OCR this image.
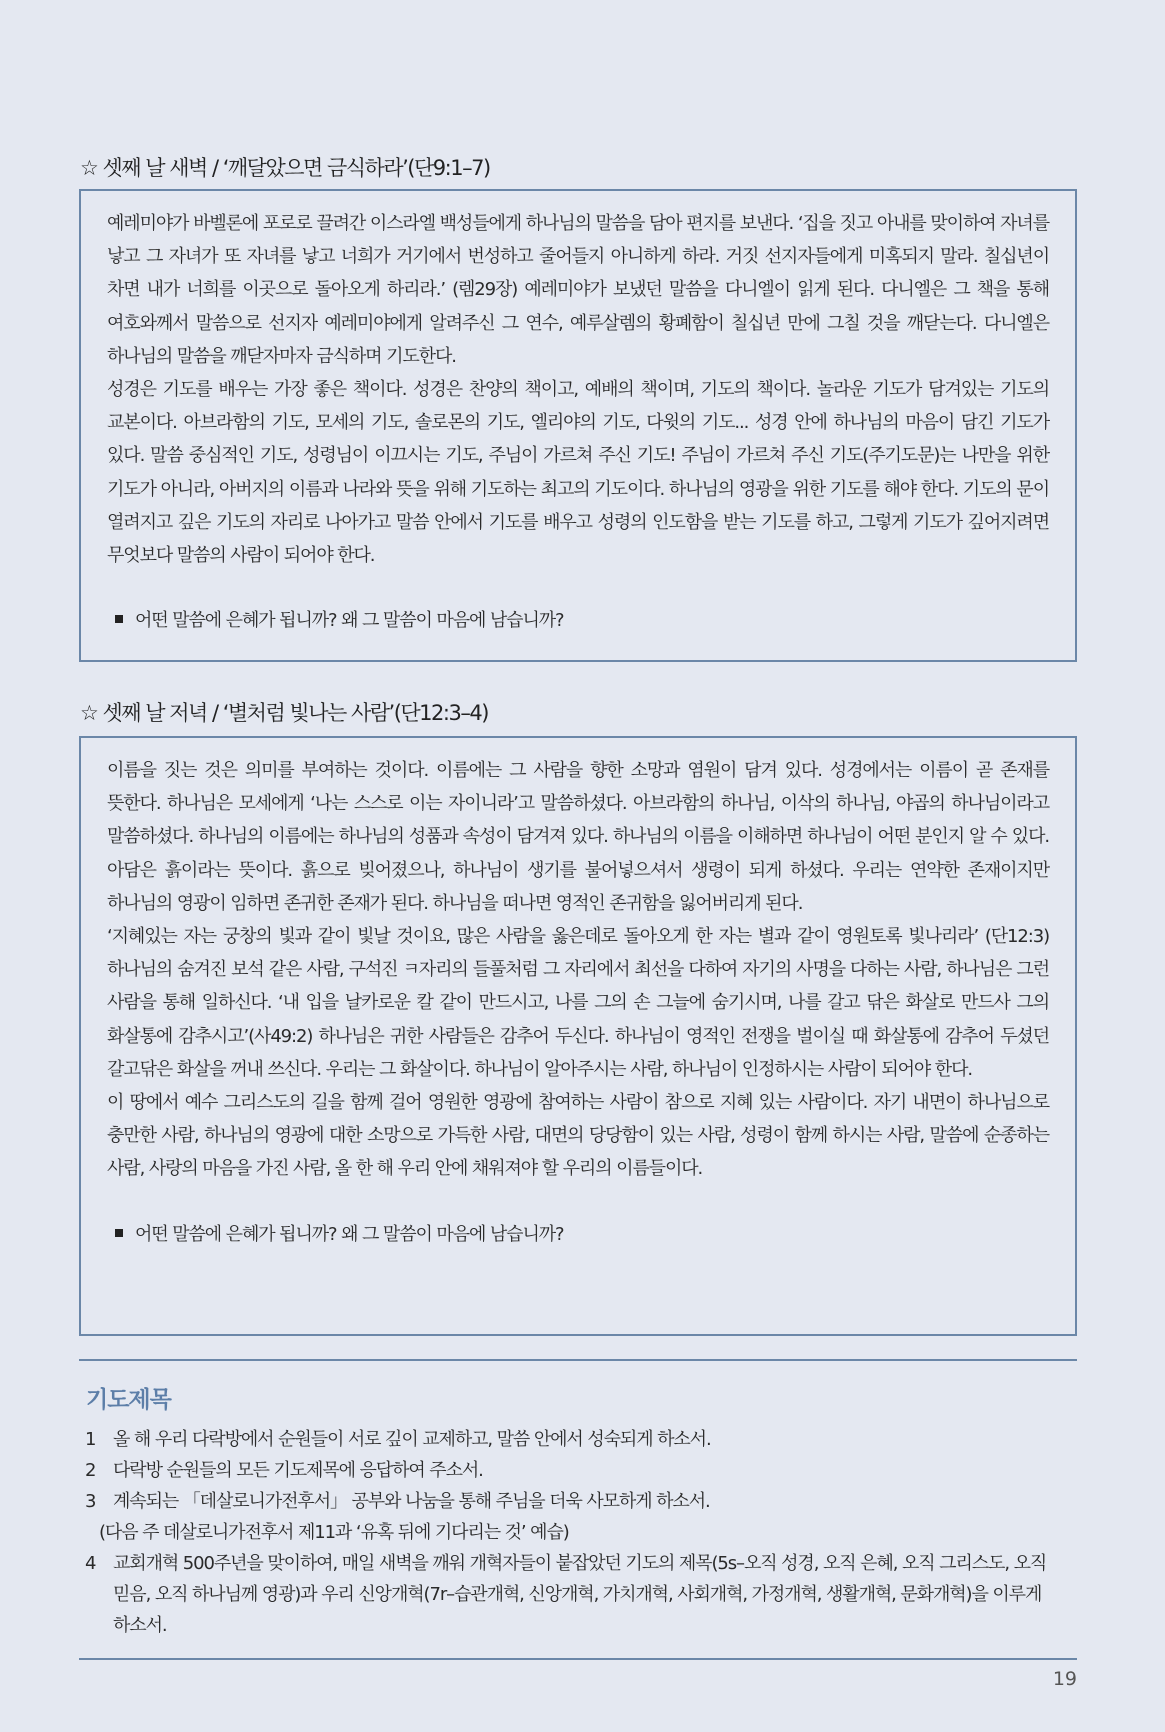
☆ 셋째 날 새벽 / ‘깨달았으면 금식하라’(단9:1–7)

예레미야가 바벨론에 포로로 끌려간 이스라엘 백성들에게 하나님의 말씀을 담아 편지를 보낸다. ‘집을 짓고 아내를 맞이하여 자녀를 낳고 그 자녀가 또 자녀를 낳고 너희가 거기에서 번성하고 줄어들지 아니하게 하라. 거짓 선지자들에게 미혹되지 말라. 칠십년이 차면 내가 너희를 이곳으로 돌아오게 하리라.’ (렘29장) 예레미야가 보냈던 말씀을 다니엘이 읽게 된다. 다니엘은 그 책을 통해 여호와께서 말씀으로 선지자 예레미야에게 알려주신 그 연수, 예루살렘의 황폐함이 칠십년 만에 그칠 것을 깨닫는다. 다니엘은 하나님의 말씀을 깨닫자마자 금식하며 기도한다.

성경은 기도를 배우는 가장 좋은 책이다. 성경은 찬양의 책이고, 예배의 책이며, 기도의 책이다. 놀라운 기도가 담겨있는 기도의 교본이다. 아브라함의 기도, 모세의 기도, 솔로몬의 기도, 엘리야의 기도, 다윗의 기도... 성경 안에 하나님의 마음이 담긴 기도가 있다. 말씀 중심적인 기도, 성령님이 이끄시는 기도, 주님이 가르쳐 주신 기도! 주님이 가르쳐 주신 기도(주기도문)는 나만을 위한 기도가 아니라, 아버지의 이름과 나라와 뜻을 위해 기도하는 최고의 기도이다. 하나님의 영광을 위한 기도를 해야 한다. 기도의 문이 열려지고 깊은 기도의 자리로 나아가고 말씀 안에서 기도를 배우고 성령의 인도함을 받는 기도를 하고, 그렇게 기도가 깊어지려면 무엇보다 말씀의 사람이 되어야 한다.

어떤 말씀에 은혜가 됩니까? 왜 그 말씀이 마음에 남습니까?
☆ 셋째 날 저녁 / ‘별처럼 빛나는 사람’(단12:3–4)

이름을 짓는 것은 의미를 부여하는 것이다. 이름에는 그 사람을 향한 소망과 염원이 담겨 있다. 성경에서는 이름이 곧 존재를 뜻한다. 하나님은 모세에게 ‘나는 스스로 이는 자이니라’고 말씀하셨다. 아브라함의 하나님, 이삭의 하나님, 야곱의 하나님이라고 말씀하셨다. 하나님의 이름에는 하나님의 성품과 속성이 담겨져 있다. 하나님의 이름을 이해하면 하나님이 어떤 분인지 알 수 있다. 아담은 흙이라는 뜻이다. 흙으로 빚어졌으나, 하나님이 생기를 불어넣으셔서 생령이 되게 하셨다. 우리는 연약한 존재이지만 하나님의 영광이 임하면 존귀한 존재가 된다. 하나님을 떠나면 영적인 존귀함을 잃어버리게 된다.

‘지혜있는 자는 궁창의 빛과 같이 빛날 것이요, 많은 사람을 옳은데로 돌아오게 한 자는 별과 같이 영원토록 빛나리라’ (단12:3) 하나님의 숨겨진 보석 같은 사람, 구석진 ㅋ자리의 들풀처럼 그 자리에서 최선을 다하여 자기의 사명을 다하는 사람, 하나님은 그런 사람을 통해 일하신다. ‘내 입을 날카로운 칼 같이 만드시고, 나를 그의 손 그늘에 숨기시며, 나를 갈고 닦은 화살로 만드사 그의 화살통에 감추시고’(사49:2) 하나님은 귀한 사람들은 감추어 두신다. 하나님이 영적인 전쟁을 벌이실 때 화살통에 감추어 두셨던 갈고닦은 화살을 꺼내 쓰신다. 우리는 그 화살이다. 하나님이 알아주시는 사람, 하나님이 인정하시는 사람이 되어야 한다.

이 땅에서 예수 그리스도의 길을 함께 걸어 영원한 영광에 참여하는 사람이 참으로 지혜 있는 사람이다. 자기 내면이 하나님으로 충만한 사람, 하나님의 영광에 대한 소망으로 가득한 사람, 대면의 당당함이 있는 사람, 성령이 함께 하시는 사람, 말씀에 순종하는 사람, 사랑의 마음을 가진 사람, 올 한 해 우리 안에 채워져야 할 우리의 이름들이다.

어떤 말씀에 은혜가 됩니까? 왜 그 말씀이 마음에 남습니까?
기도제목
1 올 해 우리 다락방에서 순원들이 서로 깊이 교제하고, 말씀 안에서 성숙되게 하소서.
2 다락방 순원들의 모든 기도제목에 응답하여 주소서.
3 계속되는 「데살로니가전후서」 공부와 나눔을 통해 주님을 더욱 사모하게 하소서.
(다음 주 데살로니가전후서 제11과 ‘유혹 뒤에 기다리는 것’ 예습)
4 교회개혁 500주년을 맞이하여, 매일 새벽을 깨워 개혁자들이 붙잡았던 기도의 제목(5s–오직 성경, 오직 은혜, 오직 그리스도, 오직 믿음, 오직 하나님께 영광)과 우리 신앙개혁(7r–습관개혁, 신앙개혁, 가치개혁, 사회개혁, 가정개혁, 생활개혁, 문화개혁)을 이루게 하소서.
19
